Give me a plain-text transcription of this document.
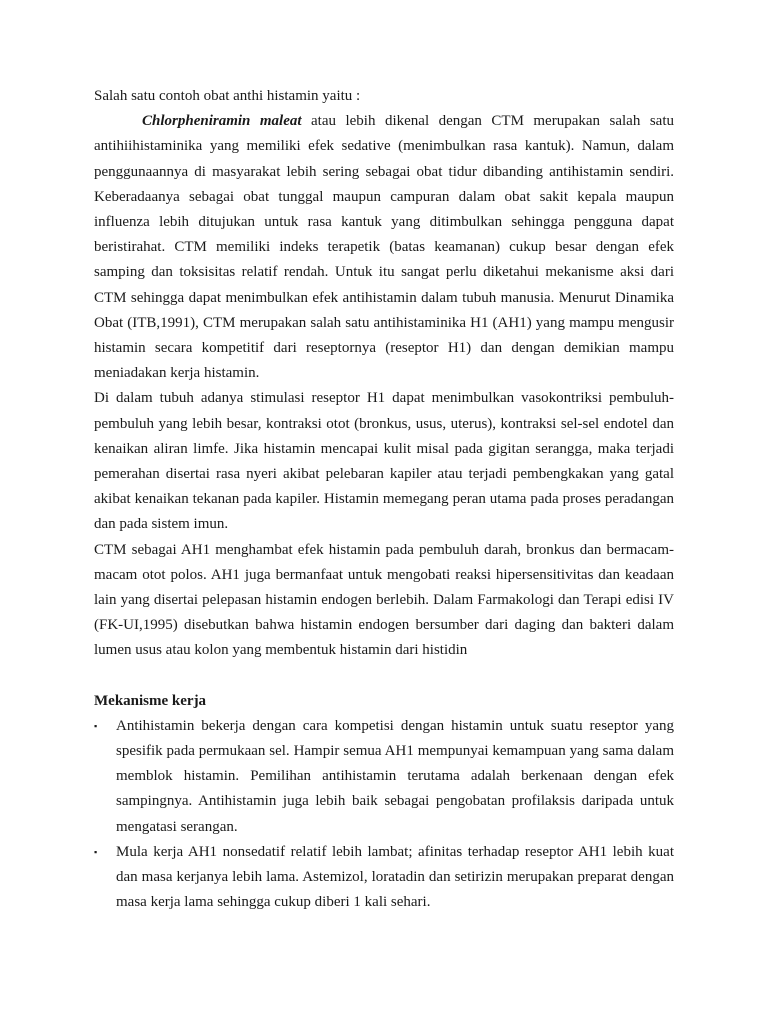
Salah satu contoh obat anthi histamin yaitu :

Chlorpheniramin maleat atau lebih dikenal dengan CTM merupakan salah satu antihiihistaminika yang memiliki efek sedative (menimbulkan rasa kantuk). Namun, dalam penggunaannya di masyarakat lebih sering sebagai obat tidur dibanding antihistamin sendiri. Keberadaanya sebagai obat tunggal maupun campuran dalam obat sakit kepala maupun influenza lebih ditujukan untuk rasa kantuk yang ditimbulkan sehingga pengguna dapat beristirahat. CTM memiliki indeks terapetik (batas keamanan) cukup besar dengan efek samping dan toksisitas relatif rendah. Untuk itu sangat perlu diketahui mekanisme aksi dari CTM sehingga dapat menimbulkan efek antihistamin dalam tubuh manusia. Menurut Dinamika Obat (ITB,1991), CTM merupakan salah satu antihistaminika H1 (AH1) yang mampu mengusir histamin secara kompetitif dari reseptornya (reseptor H1) dan dengan demikian mampu meniadakan kerja histamin.

Di dalam tubuh adanya stimulasi reseptor H1 dapat menimbulkan vasokontriksi pembuluh-pembuluh yang lebih besar, kontraksi otot (bronkus, usus, uterus), kontraksi sel-sel endotel dan kenaikan aliran limfe. Jika histamin mencapai kulit misal pada gigitan serangga, maka terjadi pemerahan disertai rasa nyeri akibat pelebaran kapiler atau terjadi pembengkakan yang gatal akibat kenaikan tekanan pada kapiler. Histamin memegang peran utama pada proses peradangan dan pada sistem imun.

CTM sebagai AH1 menghambat efek histamin pada pembuluh darah, bronkus dan bermacam-macam otot polos. AH1 juga bermanfaat untuk mengobati reaksi hipersensitivitas dan keadaan lain yang disertai pelepasan histamin endogen berlebih. Dalam Farmakologi dan Terapi edisi IV (FK-UI,1995) disebutkan bahwa histamin endogen bersumber dari daging dan bakteri dalam lumen usus atau kolon yang membentuk histamin dari histidin

Mekanisme kerja

▪ Antihistamin bekerja dengan cara kompetisi dengan histamin untuk suatu reseptor yang spesifik pada permukaan sel. Hampir semua AH1 mempunyai kemampuan yang sama dalam memblok histamin. Pemilihan antihistamin terutama adalah berkenaan dengan efek sampingnya. Antihistamin juga lebih baik sebagai pengobatan profilaksis daripada untuk mengatasi serangan.
▪ Mula kerja AH1 nonsedatif relatif lebih lambat; afinitas terhadap reseptor AH1 lebih kuat dan masa kerjanya lebih lama. Astemizol, loratadin dan setirizin merupakan preparat dengan masa kerja lama sehingga cukup diberi 1 kali sehari.
